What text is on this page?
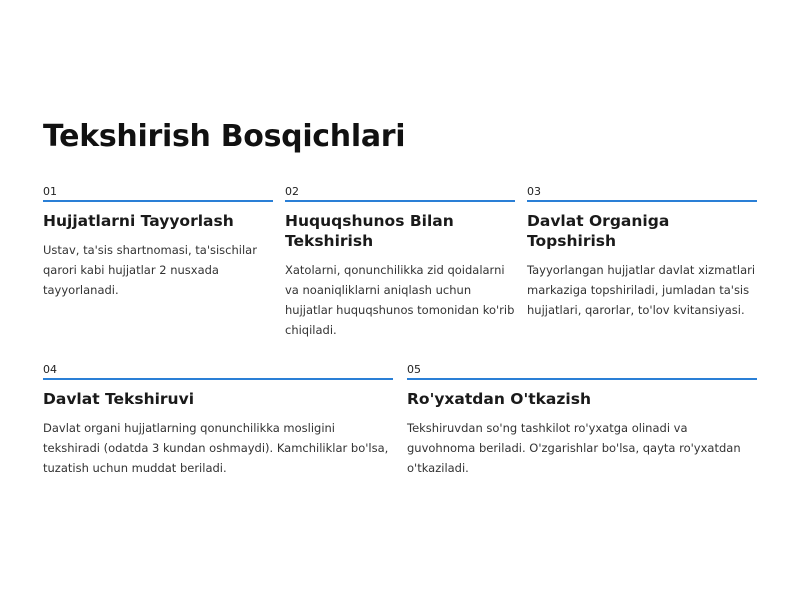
Tekshirish Bosqichlari
01
Hujjatlarni Tayyorlash

Ustav, ta'sis shartnomasi, ta'sischilar qarori kabi hujjatlar 2 nusxada tayyorlanadi.

02
Huquqshunos Bilan Tekshirish

Xatolarni, qonunchilikka zid qoidalarni va noaniqliklarni aniqlash uchun hujjatlar huquqshunos tomonidan ko'rib chiqiladi.

03
Davlat Organiga Topshirish

Tayyorlangan hujjatlar davlat xizmatlari markaziga topshiriladi, jumladan ta'sis hujjatlari, qarorlar, to'lov kvitansiyasi.

04
Davlat Tekshiruvi

Davlat organi hujjatlarning qonunchilikka mosligini tekshiradi (odatda 3 kundan oshmaydi). Kamchiliklar bo'lsa, tuzatish uchun muddat beriladi.

05
Ro'yxatdan O'tkazish

Tekshiruvdan so'ng tashkilot ro'yxatga olinadi va guvohnoma beriladi. O'zgarishlar bo'lsa, qayta ro'yxatdan o'tkaziladi.
